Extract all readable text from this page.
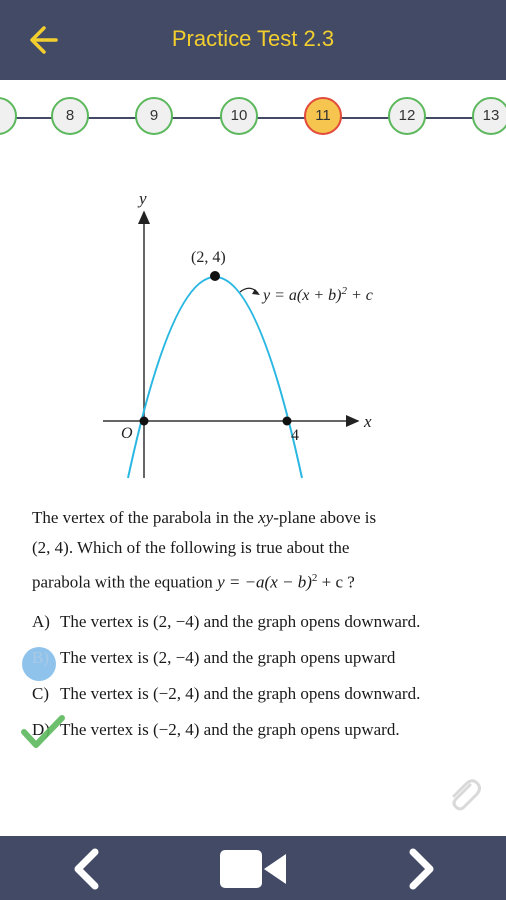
Practice Test 2.3
8	9	10	11	12	13
y
x
O
(2, 4)
4
$y = a(x + b)^2 + c$
The vertex of the parabola in the xy-plane above is
(2, 4). Which of the following is true about the
parabola with the equation $y = -a(x - b)^2 + c$ ?
A) The vertex is (2, −4) and the graph opens downward.
B) The vertex is (2, −4) and the graph opens upward
C) The vertex is (−2, 4) and the graph opens downward.
D) The vertex is (−2, 4) and the graph opens upward.
